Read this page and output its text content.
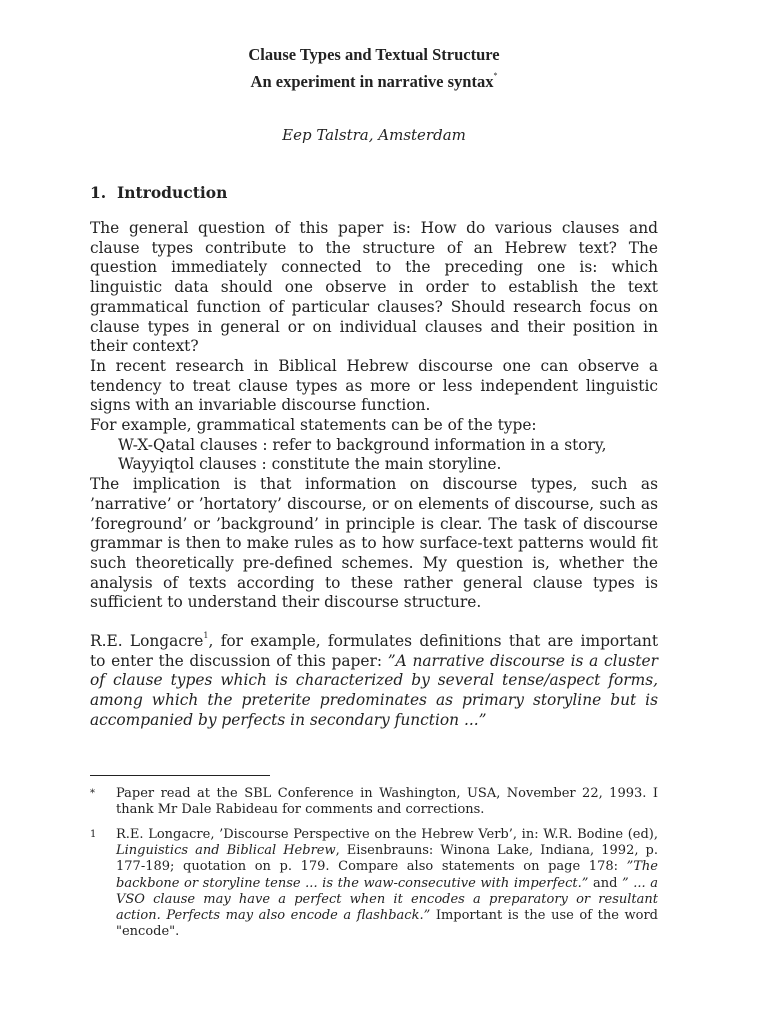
Clause Types and Textual Structure
An experiment in narrative syntax*
Eep Talstra, Amsterdam
1. Introduction

The general question of this paper is: How do various clauses and clause types contribute to the structure of an Hebrew text? The question immediately connected to the preceding one is: which linguistic data should one observe in order to establish the text grammatical function of particular clauses? Should research focus on clause types in general or on individual clauses and their position in their context?

In recent research in Biblical Hebrew discourse one can observe a tendency to treat clause types as more or less independent linguistic signs with an invariable discourse function.

For example, grammatical statements can be of the type:

W-X-Qatal clauses : refer to background information in a story,

Wayyiqtol clauses : constitute the main storyline.

The implication is that information on discourse types, such as ’narrative’ or ’hortatory’ discourse, or on elements of discourse, such as ’foreground’ or ’background’ in principle is clear. The task of discourse grammar is then to make rules as to how surface-text patterns would fit such theoretically pre-defined schemes. My question is, whether the analysis of texts according to these rather general clause types is sufficient to understand their discourse structure.

R.E. Longacre$^1$, for example, formulates definitions that are important to enter the discussion of this paper: ”A narrative discourse is a cluster of clause types which is characterized by several tense/aspect forms, among which the preterite predominates as primary storyline but is accompanied by perfects in secondary function ...”

* Paper read at the SBL Conference in Washington, USA, November 22, 1993. I thank Mr Dale Rabideau for comments and corrections.
1 R.E. Longacre, ’Discourse Perspective on the Hebrew Verb’, in: W.R. Bodine (ed), Linguistics and Biblical Hebrew, Eisenbrauns: Winona Lake, Indiana, 1992, p. 177-189; quotation on p. 179. Compare also statements on page 178: ”The backbone or storyline tense ... is the waw-consecutive with imperfect.” and ” ... a VSO clause may have a perfect when it encodes a preparatory or resultant action. Perfects may also encode a flashback.” Important is the use of the word "encode".
